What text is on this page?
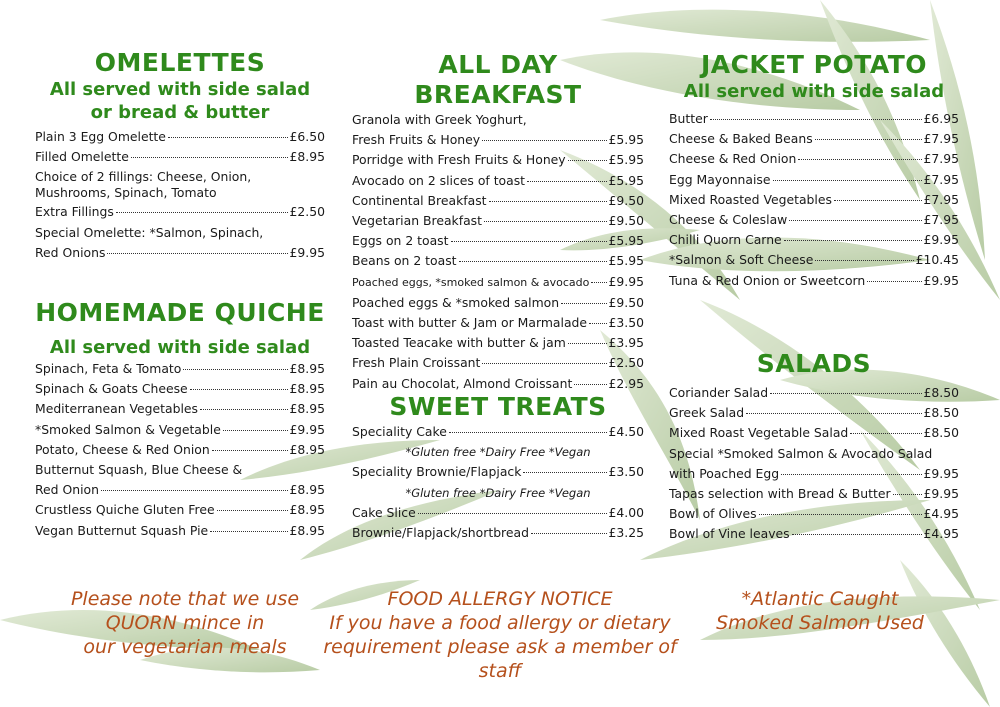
OMELETTES
All served with side salad
or bread & butter
Plain 3 Egg Omelette	£6.50
Filled Omelette	£8.95
Choice of 2 fillings: Cheese, Onion, Mushrooms, Spinach, Tomato
Extra Fillings	£2.50
Special Omelette: *Salmon, Spinach,
Red Onions	£9.95
HOMEMADE QUICHE
All served with side salad
Spinach, Feta & Tomato	£8.95
Spinach & Goats Cheese	£8.95
Mediterranean Vegetables	£8.95
*Smoked Salmon & Vegetable	£9.95
Potato, Cheese & Red Onion	£8.95
Butternut Squash, Blue Cheese &
Red Onion	£8.95
Crustless Quiche Gluten Free	£8.95
Vegan Butternut Squash Pie	£8.95
ALL DAY BREAKFAST
Granola with Greek Yoghurt,
Fresh Fruits & Honey	£5.95
Porridge with Fresh Fruits & Honey	£5.95
Avocado on 2 slices of toast	£5.95
Continental Breakfast	£9.50
Vegetarian Breakfast	£9.50
Eggs on 2 toast	£5.95
Beans on 2 toast	£5.95
Poached eggs, *smoked salmon & avocado £9.95
Poached eggs & *smoked salmon	£9.50
Toast with butter & Jam or Marmalade £3.50
Toasted Teacake with butter & jam	£3.95
Fresh Plain Croissant	£2.50
Pain au Chocolat, Almond Croissant	£2.95
SWEET TREATS
Speciality Cake	£4.50
*Gluten free *Dairy Free *Vegan
Speciality Brownie/Flapjack	£3.50
*Gluten free *Dairy Free *Vegan
Cake Slice	£4.00
Brownie/Flapjack/shortbread	£3.25
JACKET POTATO
All served with side salad
Butter	£6.95
Cheese & Baked Beans	£7.95
Cheese & Red Onion	£7.95
Egg Mayonnaise	£7.95
Mixed Roasted Vegetables	£7.95
Cheese & Coleslaw	£7.95
Chilli Quorn Carne	£9.95
*Salmon & Soft Cheese	£10.45
Tuna & Red Onion or Sweetcorn	£9.95
SALADS
Coriander Salad	£8.50
Greek Salad	£8.50
Mixed Roast Vegetable Salad	£8.50
Special *Smoked Salmon & Avocado Salad
with Poached Egg	£9.95
Tapas selection with Bread & Butter	£9.95
Bowl of Olives	£4.95
Bowl of Vine leaves	£4.95
Please note that we use
QUORN mince in
our vegetarian meals
FOOD ALLERGY NOTICE
If you have a food allergy or dietary
requirement please ask a member of staff
*Atlantic Caught
Smoked Salmon Used
